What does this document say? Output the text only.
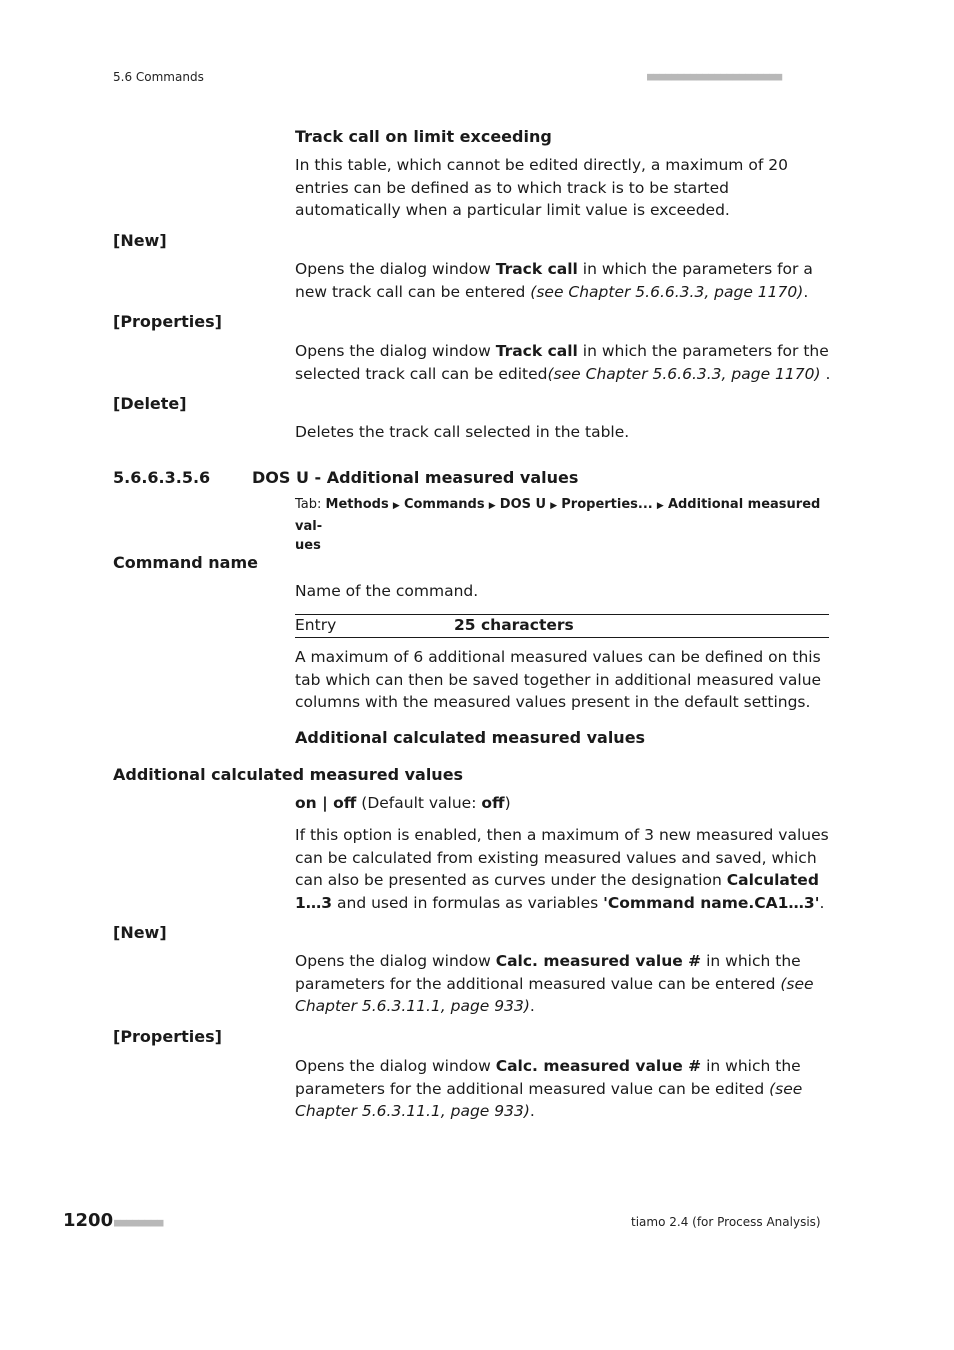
5.6 Commands	■■■■■■■■■■■■■■■■■■■■■■
Track call on limit exceeding
In this table, which cannot be edited directly, a maximum of 20 entries can be defined as to which track is to be started automatically when a particular limit value is exceeded.
[New]
Opens the dialog window Track call in which the parameters for a new track call can be entered (see Chapter 5.6.6.3.3, page 1170).
[Properties]
Opens the dialog window Track call in which the parameters for the selected track call can be edited(see Chapter 5.6.6.3.3, page 1170) .
[Delete]
Deletes the track call selected in the table.
5.6.6.3.5.6	DOS U - Additional measured values
Tab: Methods ▶ Commands ▶ DOS U ▶ Properties... ▶ Additional measured val-
ues
Command name
Name of the command.
Entry	25 characters
A maximum of 6 additional measured values can be defined on this tab which can then be saved together in additional measured value columns with the measured values present in the default settings.
Additional calculated measured values
Additional calculated measured values
on | off (Default value: off)
If this option is enabled, then a maximum of 3 new measured values can be calculated from existing measured values and saved, which can also be presented as curves under the designation Calculated 1…3 and used in formulas as variables 'Command name.CA1…3'.
[New]
Opens the dialog window Calc. measured value # in which the parameters for the additional measured value can be entered (see Chapter 5.6.3.11.1, page 933).
[Properties]
Opens the dialog window Calc. measured value # in which the parameters for the additional measured value can be edited (see Chapter 5.6.3.11.1, page 933).
1200 ■■■■■■■■	tiamo 2.4 (for Process Analysis)
